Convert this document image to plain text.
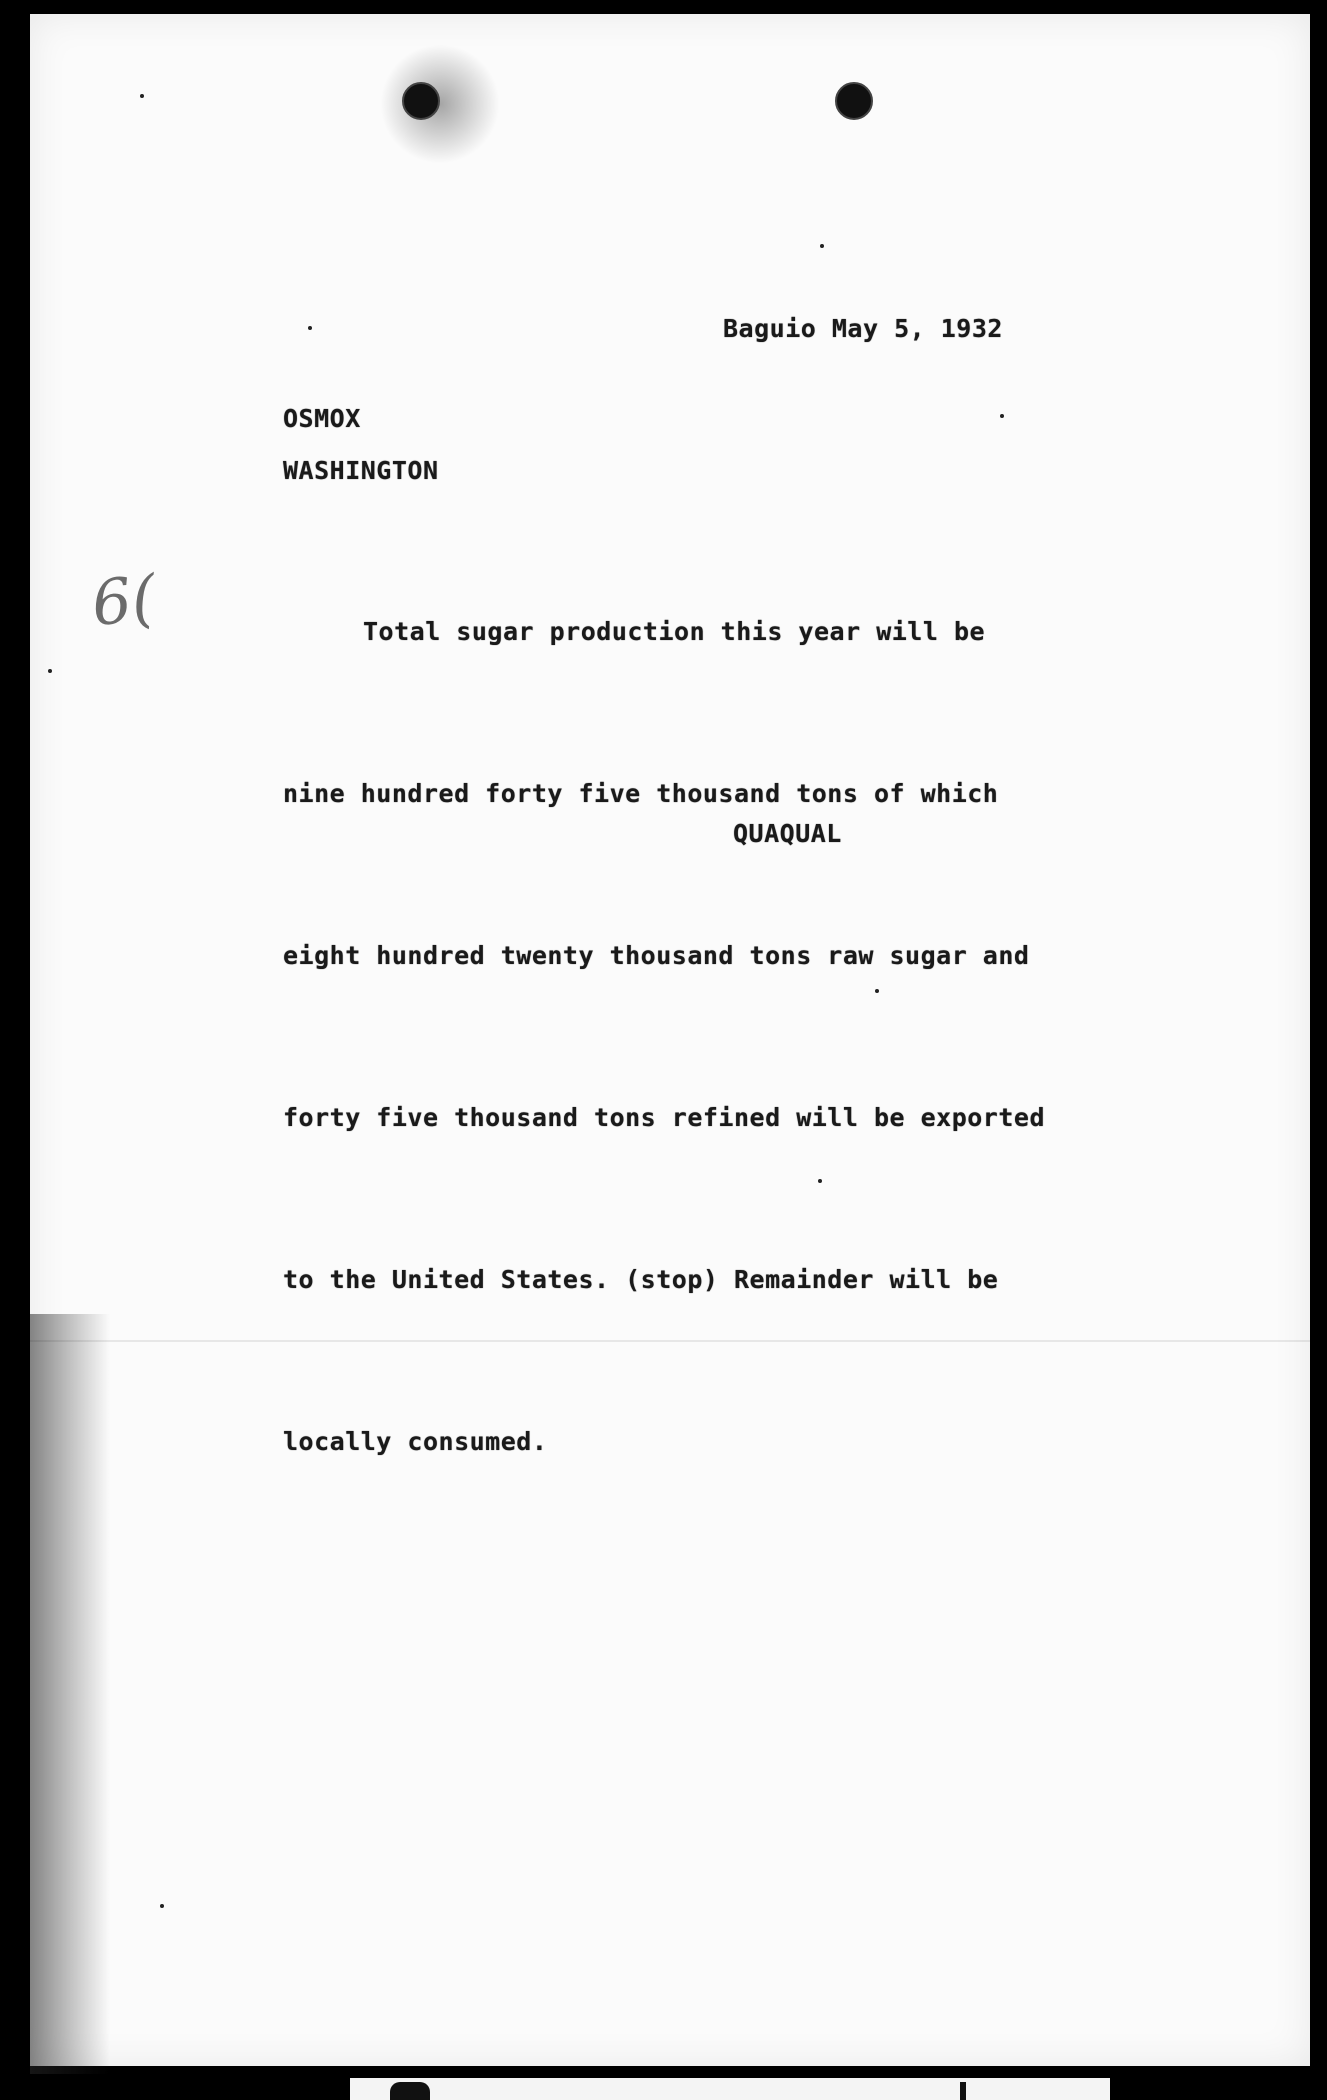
Baguio May 5, 1932
OSMOX
WASHINGTON

Total sugar production this year will be

nine hundred forty five thousand tons of which

eight hundred twenty thousand tons raw sugar and

forty five thousand tons refined will be exported

to the United States. (stop) Remainder will be

locally consumed.

QUAQUAL
6(
